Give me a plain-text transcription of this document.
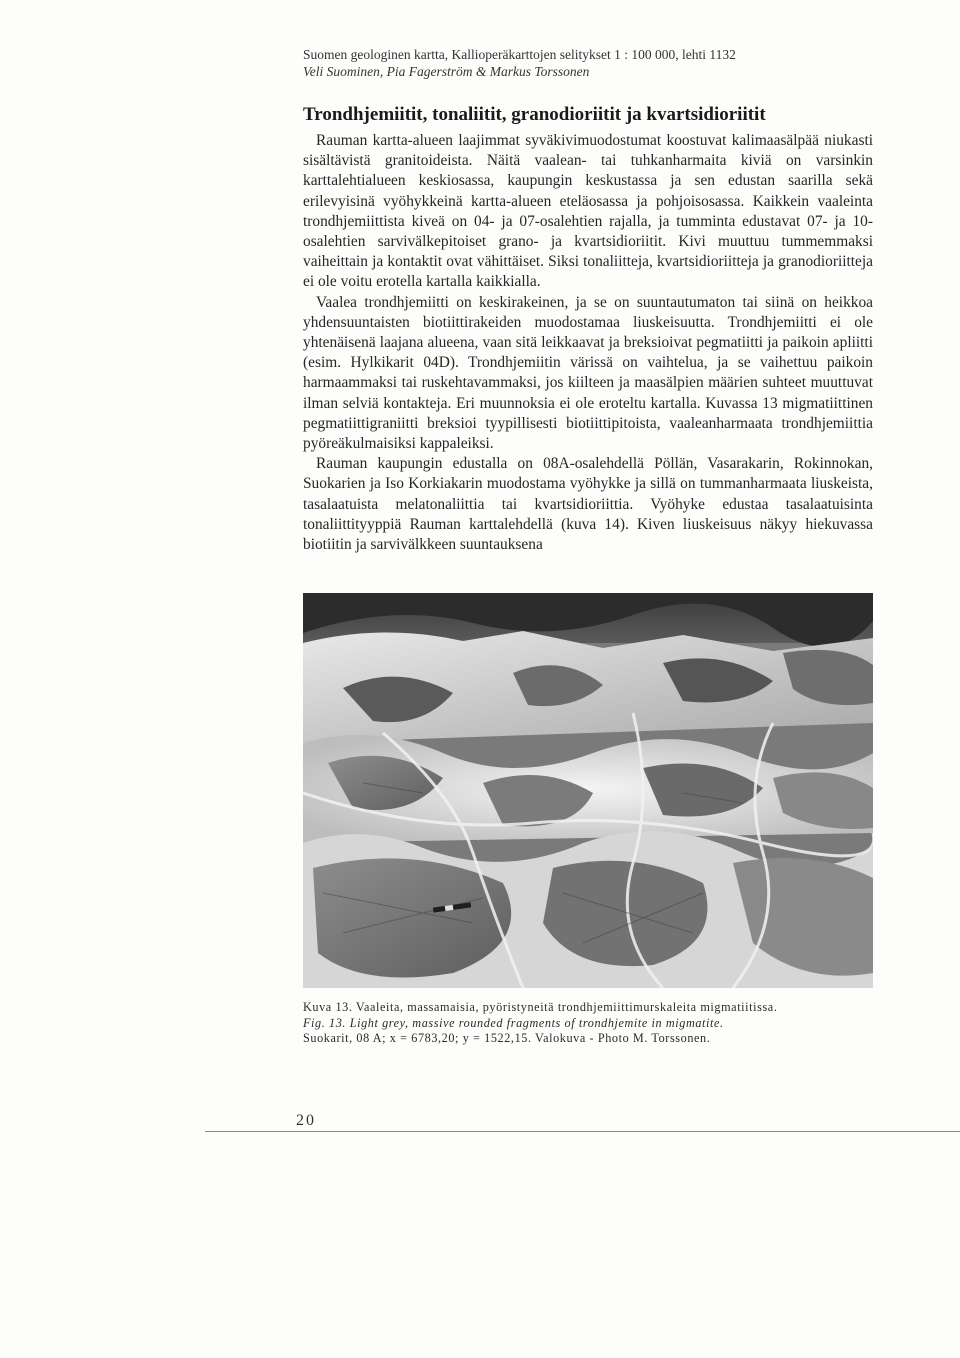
Suomen geologinen kartta, Kallioperäkarttojen selitykset 1 : 100 000, lehti 1132
Veli Suominen, Pia Fagerström & Markus Torssonen
Trondhjemiitit, tonaliitit, granodioriitit ja kvartsidioriitit

Rauman kartta-alueen laajimmat syväkivimuodostumat koostuvat kalimaasälpää niukasti sisältävistä granitoideista. Näitä vaalean- tai tuhkanharmaita kiviä on varsinkin karttalehtialueen keskiosassa, kaupungin keskustassa ja sen edustan saarilla sekä erilevyisinä vyöhykkeinä kartta-alueen eteläosassa ja pohjoisosassa. Kaikkein vaaleinta trondhjemiittista kiveä on 04- ja 07-osalehtien rajalla, ja tumminta edustavat 07- ja 10-osalehtien sarvivälkepitoiset grano- ja kvartsidioriitit. Kivi muuttuu tummemmaksi vaiheittain ja kontaktit ovat vähittäiset. Siksi tonaliitteja, kvartsidioriitteja ja granodioriitteja ei ole voitu erotella kartalla kaikkialla.

Vaalea trondhjemiitti on keskirakeinen, ja se on suuntautumaton tai siinä on heikkoa yhdensuuntaisten biotiittirakeiden muodostamaa liuskeisuutta. Trondhjemiitti ei ole yhtenäisenä laajana alueena, vaan sitä leikkaavat ja breksioivat pegmatiitti ja paikoin apliitti (esim. Hylkikarit 04D). Trondhjemiitin värissä on vaihtelua, ja se vaihettuu paikoin harmaammaksi tai ruskehtavammaksi, jos kiilteen ja maasälpien määrien suhteet muuttuvat ilman selviä kontakteja. Eri muunnoksia ei ole eroteltu kartalla. Kuvassa 13 migmatiittinen pegmatiittigraniitti breksioi tyypillisesti biotiittipitoista, vaaleanharmaata trondhjemiittia pyöreäkulmaisiksi kappaleiksi.

Rauman kaupungin edustalla on 08A-osalehdellä Pöllän, Vasarakarin, Rokinnokan, Suokarien ja Iso Korkiakarin muodostama vyöhykke ja sillä on tummanharmaata liuskeista, tasalaatuista melatonaliittia tai kvartsidioriittia. Vyöhyke edustaa tasalaatuisinta tonaliittityyppiä Rauman karttalehdellä (kuva 14). Kiven liuskeisuus näkyy hiekuvassa biotiitin ja sarvivälkkeen suuntauksena

Kuva 13. Vaaleita, massamaisia, pyöristyneitä trondhjemiittimurskaleita migmatiitissa.
Fig. 13. Light grey, massive rounded fragments of trondhjemite in migmatite.
Suokarit, 08 A; x = 6783,20; y = 1522,15. Valokuva - Photo M. Torssonen.
20
